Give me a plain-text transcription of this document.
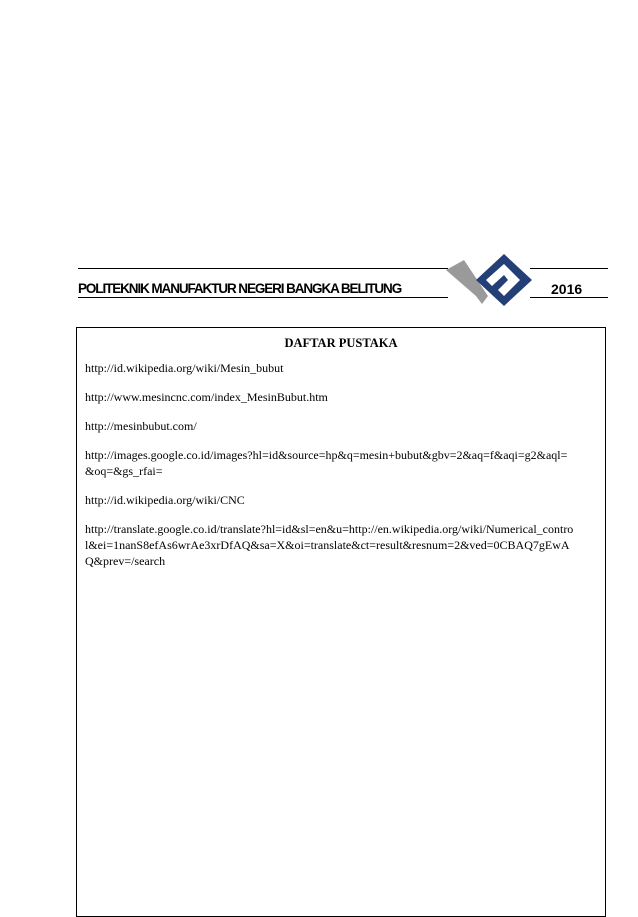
POLITEKNIK MANUFAKTUR NEGERI BANGKA BELITUNG	2016
DAFTAR PUSTAKA

http://id.wikipedia.org/wiki/Mesin_bubut

http://www.mesincnc.com/index_MesinBubut.htm

http://mesinbubut.com/

http://images.google.co.id/images?hl=id&source=hp&q=mesin+bubut&gbv=2&aq=f&aqi=g2&aql=&oq=&gs_rfai=

http://id.wikipedia.org/wiki/CNC

http://translate.google.co.id/translate?hl=id&sl=en&u=http://en.wikipedia.org/wiki/Numerical_control&ei=1nanS8efAs6wrAe3xrDfAQ&sa=X&oi=translate&ct=result&resnum=2&ved=0CBAQ7gEwAQ&prev=/search
